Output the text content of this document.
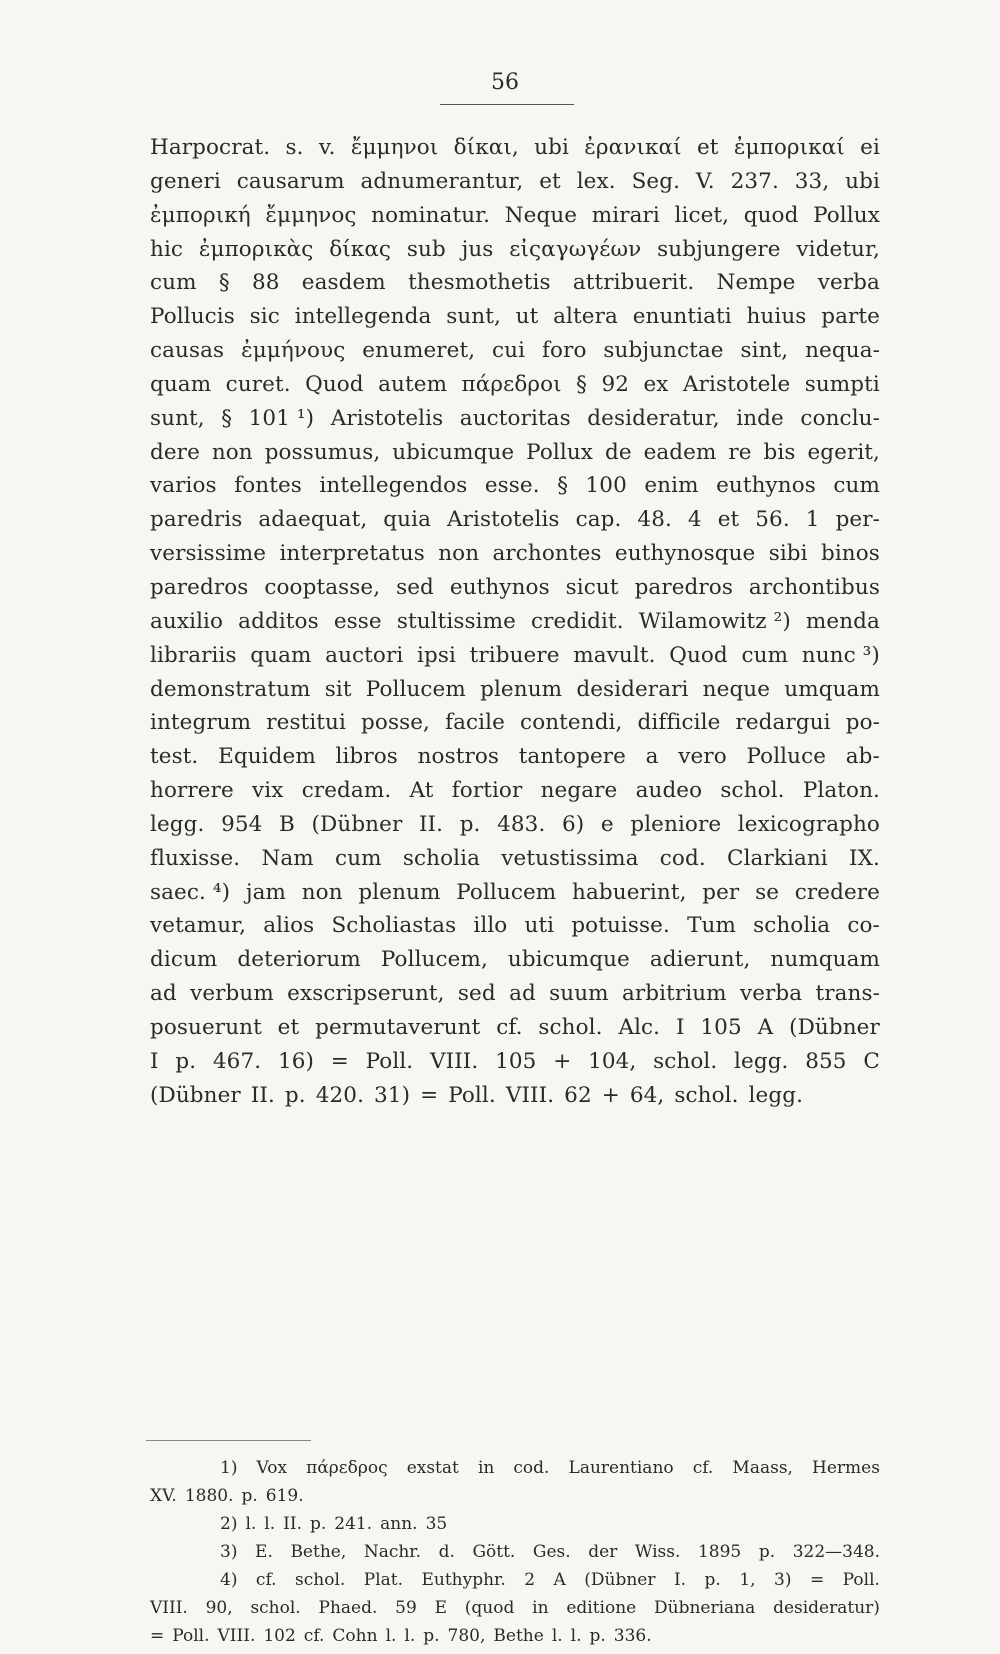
56
Harpocrat. s. v. ἔμμηνοι δίκαι, ubi ἐρανικαί et ἐμπορικαί ei
generi causarum adnumerantur, et lex. Seg. V. 237. 33, ubi
ἐμπορική ἔμμηνος nominatur. Neque mirari licet, quod Pollux
hic ἐμπορικὰς δίκας sub jus εἰςαγωγέων subjungere videtur,
cum § 88 easdem thesmothetis attribuerit. Nempe verba
Pollucis sic intellegenda sunt, ut altera enuntiati huius parte
causas ἐμμήνους enumeret, cui foro subjunctae sint, nequa-
quam curet. Quod autem πάρεδροι § 92 ex Aristotele sumpti
sunt, § 101 ¹) Aristotelis auctoritas desideratur, inde conclu-
dere non possumus, ubicumque Pollux de eadem re bis egerit,
varios fontes intellegendos esse. § 100 enim euthynos cum
paredris adaequat, quia Aristotelis cap. 48. 4 et 56. 1 per-
versissime interpretatus non archontes euthynosque sibi binos
paredros cooptasse, sed euthynos sicut paredros archontibus
auxilio additos esse stultissime credidit. Wilamowitz ²) menda
librariis quam auctori ipsi tribuere mavult. Quod cum nunc ³)
demonstratum sit Pollucem plenum desiderari neque umquam
integrum restitui posse, facile contendi, difficile redargui po-
test. Equidem libros nostros tantopere a vero Polluce ab-
horrere vix credam. At fortior negare audeo schol. Platon.
legg. 954 B (Dübner II. p. 483. 6) e pleniore lexicographo
fluxisse. Nam cum scholia vetustissima cod. Clarkiani IX.
saec. ⁴) jam non plenum Pollucem habuerint, per se credere
vetamur, alios Scholiastas illo uti potuisse. Tum scholia co-
dicum deteriorum Pollucem, ubicumque adierunt, numquam
ad verbum exscripserunt, sed ad suum arbitrium verba trans-
posuerunt et permutaverunt cf. schol. Alc. I 105 A (Dübner
I p. 467. 16) = Poll. VIII. 105 + 104, schol. legg. 855 C
(Dübner II. p. 420. 31) = Poll. VIII. 62 + 64, schol. legg.
1) Vox πάρεδρος exstat in cod. Laurentiano cf. Maass, Hermes
XV. 1880. p. 619.
2) l. l. II. p. 241. ann. 35
3) E. Bethe, Nachr. d. Gött. Ges. der Wiss. 1895 p. 322—348.
4) cf. schol. Plat. Euthyphr. 2 A (Dübner I. p. 1, 3) = Poll.
VIII. 90, schol. Phaed. 59 E (quod in editione Dübneriana desideratur)
= Poll. VIII. 102 cf. Cohn l. l. p. 780, Bethe l. l. p. 336.
